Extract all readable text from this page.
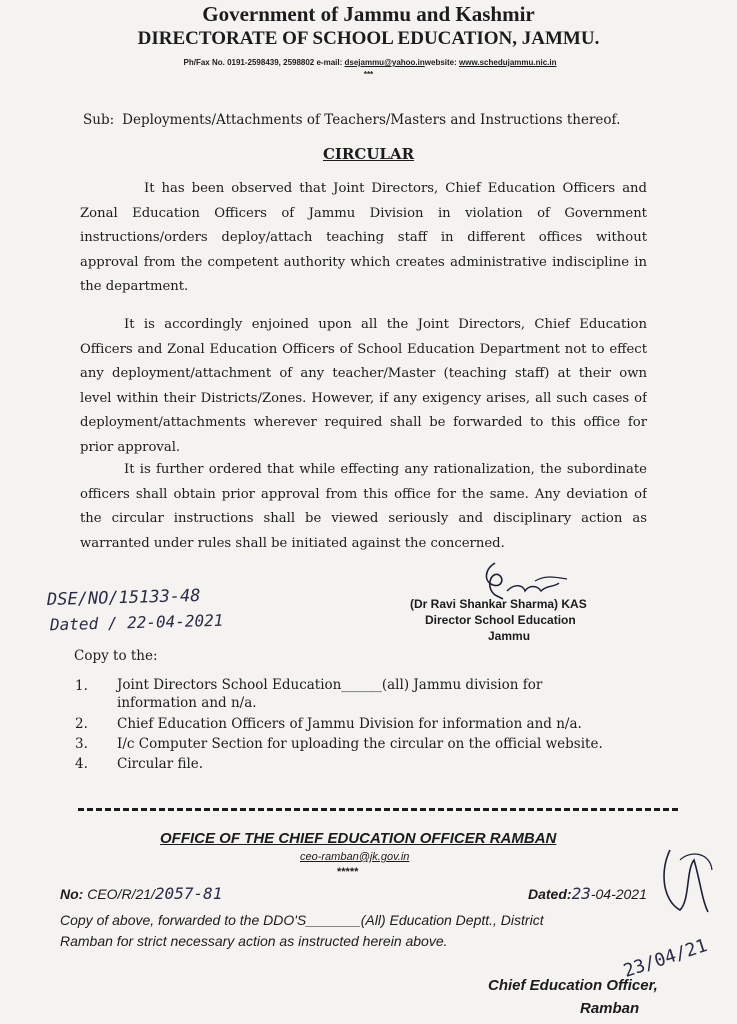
Government of Jammu and Kashmir
DIRECTORATE OF SCHOOL EDUCATION, JAMMU.
Ph/Fax No. 0191-2598439, 2598802 e-mail: dsejammu@yahoo.inwebsite: www.schedujammu.nic.in
***
Sub: Deployments/Attachments of Teachers/Masters and Instructions thereof.
CIRCULAR
It has been observed that Joint Directors, Chief Education Officers and
Zonal Education Officers of Jammu Division in violation of Government
instructions/orders deploy/attach teaching staff in different offices without
approval from the competent authority which creates administrative indiscipline in
the department.
It is accordingly enjoined upon all the Joint Directors, Chief Education
Officers and Zonal Education Officers of School Education Department not to effect
any deployment/attachment of any teacher/Master (teaching staff) at their own
level within their Districts/Zones. However, if any exigency arises, all such cases of
deployment/attachments wherever required shall be forwarded to this office for
prior approval.
It is further ordered that while effecting any rationalization, the subordinate
officers shall obtain prior approval from this office for the same. Any deviation of
the circular instructions shall be viewed seriously and disciplinary action as
warranted under rules shall be initiated against the concerned.
DSE/NO/15133-48
Dated / 22-04-2021
(Dr Ravi Shankar Sharma) KAS
Director School Education
Jammu
Copy to the:
1.	Joint Directors School Education______(all) Jammu division for
information and n/a.
2.	Chief Education Officers of Jammu Division for information and n/a.
3.	I/c Computer Section for uploading the circular on the official website.
4.	Circular file.
OFFICE OF THE CHIEF EDUCATION OFFICER RAMBAN
ceo-ramban@jk.gov.in
*****
No: CEO/R/21/2057-81	Dated:23-04-2021
Copy of above, forwarded to the DDO'S_______(All) Education Deptt., District
Ramban for strict necessary action as instructed herein above.	23/04/21
Chief Education Officer,
Ramban
